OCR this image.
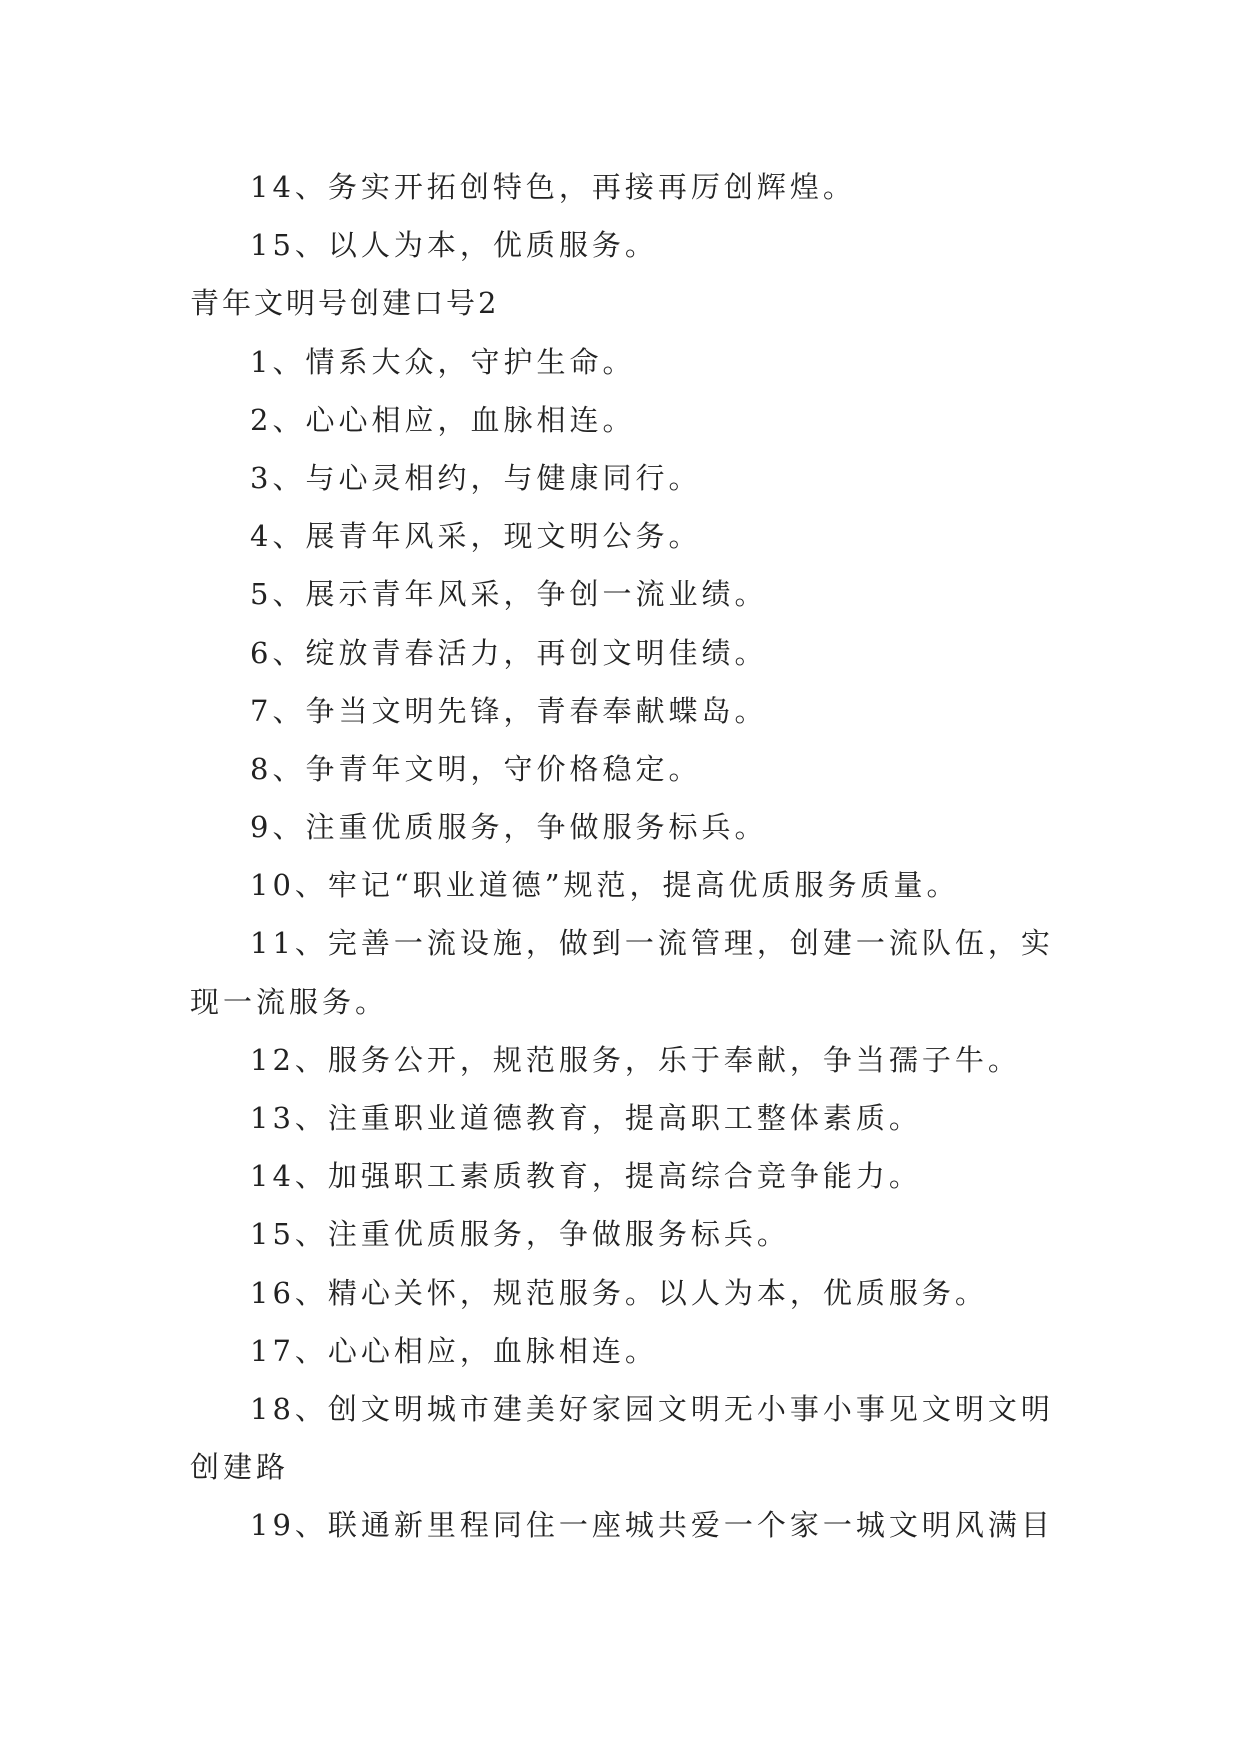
14、务实开拓创特色，再接再厉创辉煌。
15、以人为本，优质服务。
青年文明号创建口号2
1、情系大众，守护生命。
2、心心相应，血脉相连。
3、与心灵相约，与健康同行。
4、展青年风采，现文明公务。
5、展示青年风采，争创一流业绩。
6、绽放青春活力，再创文明佳绩。
7、争当文明先锋，青春奉献蝶岛。
8、争青年文明，守价格稳定。
9、注重优质服务，争做服务标兵。
10、牢记“职业道德”规范，提高优质服务质量。
11、完善一流设施，做到一流管理，创建一流队伍，实
现一流服务。
12、服务公开，规范服务，乐于奉献，争当孺子牛。
13、注重职业道德教育，提高职工整体素质。
14、加强职工素质教育，提高综合竞争能力。
15、注重优质服务，争做服务标兵。
16、精心关怀，规范服务。以人为本，优质服务。
17、心心相应，血脉相连。
18、创文明城市建美好家园文明无小事小事见文明文明
创建路
19、联通新里程同住一座城共爱一个家一城文明风满目
